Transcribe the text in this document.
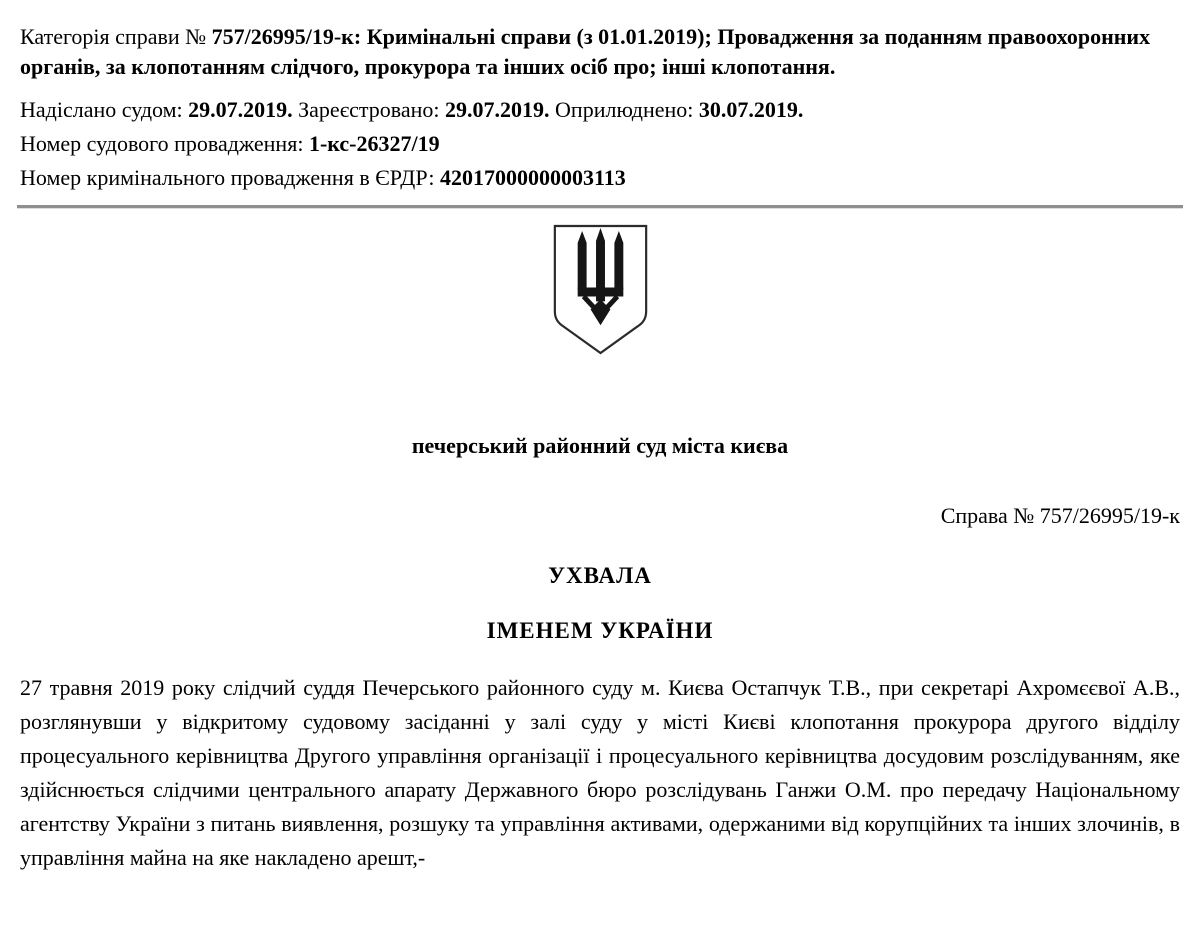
Категорія справи № 757/26995/19-к: Кримінальні справи (з 01.01.2019); Провадження за поданням правоохоронних органів, за клопотанням слідчого, прокурора та інших осіб про; інші клопотання.

Надіслано судом: 29.07.2019. Зареєстровано: 29.07.2019. Оприлюднено: 30.07.2019.
Номер судового провадження: 1-кс-26327/19
Номер кримінального провадження в ЄРДР: 42017000000003113
печерський районний суд міста києва
Справа № 757/26995/19-к
УХВАЛА
ІМЕНЕМ УКРАЇНИ

27 травня 2019 року слідчий суддя Печерського районного суду м. Києва Остапчук Т.В., при секретарі Ахромєєвої А.В., розглянувши у відкритому судовому засіданні у залі суду у місті Києві клопотання прокурора другого відділу процесуального керівництва Другого управління організації і процесуального керівництва досудовим розслідуванням, яке здійснюється слідчими центрального апарату Державного бюро розслідувань Ганжи О.М. про передачу Національному агентству України з питань виявлення, розшуку та управління активами, одержаними від корупційних та інших злочинів, в управління майна на яке накладено арешт,-
